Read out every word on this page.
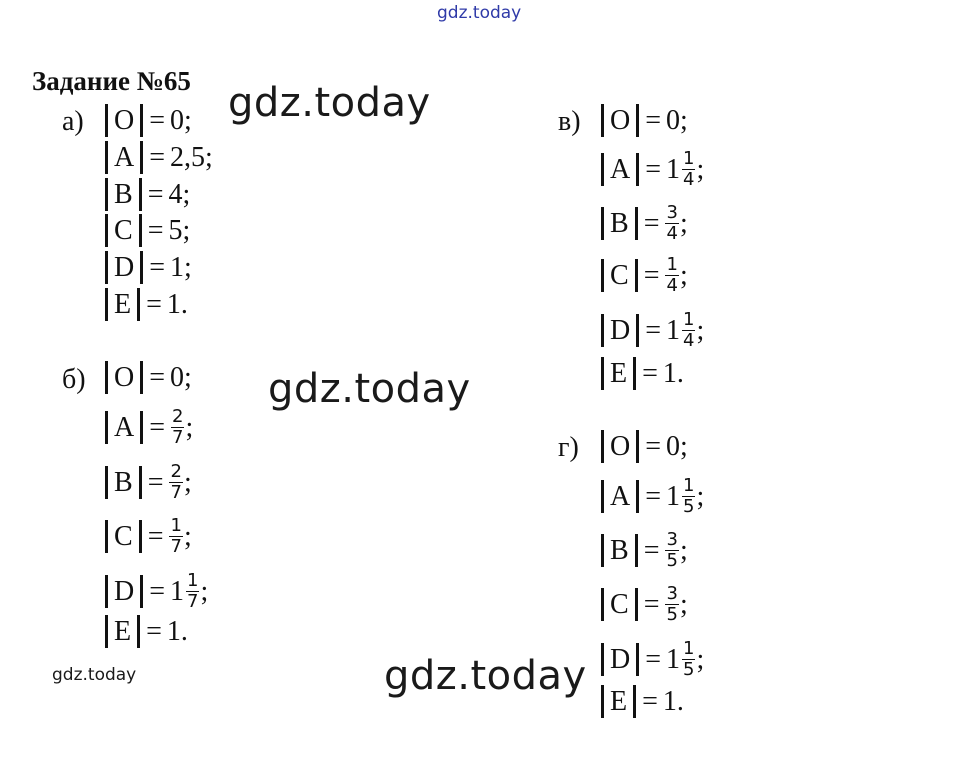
gdz.today
gdz.today
gdz.today
gdz.today
gdz.today
Задание №65
а)
б)
в)
г)
O = 0 ;
A = 2,5 ;
B = 4 ;
C = 5 ;
D = 1 ;
E = 1 .
O = 0 ;
$A = \frac{2}{7}$ ;
$B = \frac{2}{7}$ ;
$C = \frac{1}{7}$ ;
$D = 1 \frac{1}{7}$ ;
E = 1 .
O = 0 ;
$A = 1 \frac{1}{4}$ ;
$B = \frac{3}{4}$ ;
$C = \frac{1}{4}$ ;
$D = 1 \frac{1}{4}$ ;
E = 1 .
O = 0 ;
$A = 1 \frac{1}{5}$ ;
$B = \frac{3}{5}$ ;
$C = \frac{3}{5}$ ;
$D = 1 \frac{1}{5}$ ;
E = 1 .
